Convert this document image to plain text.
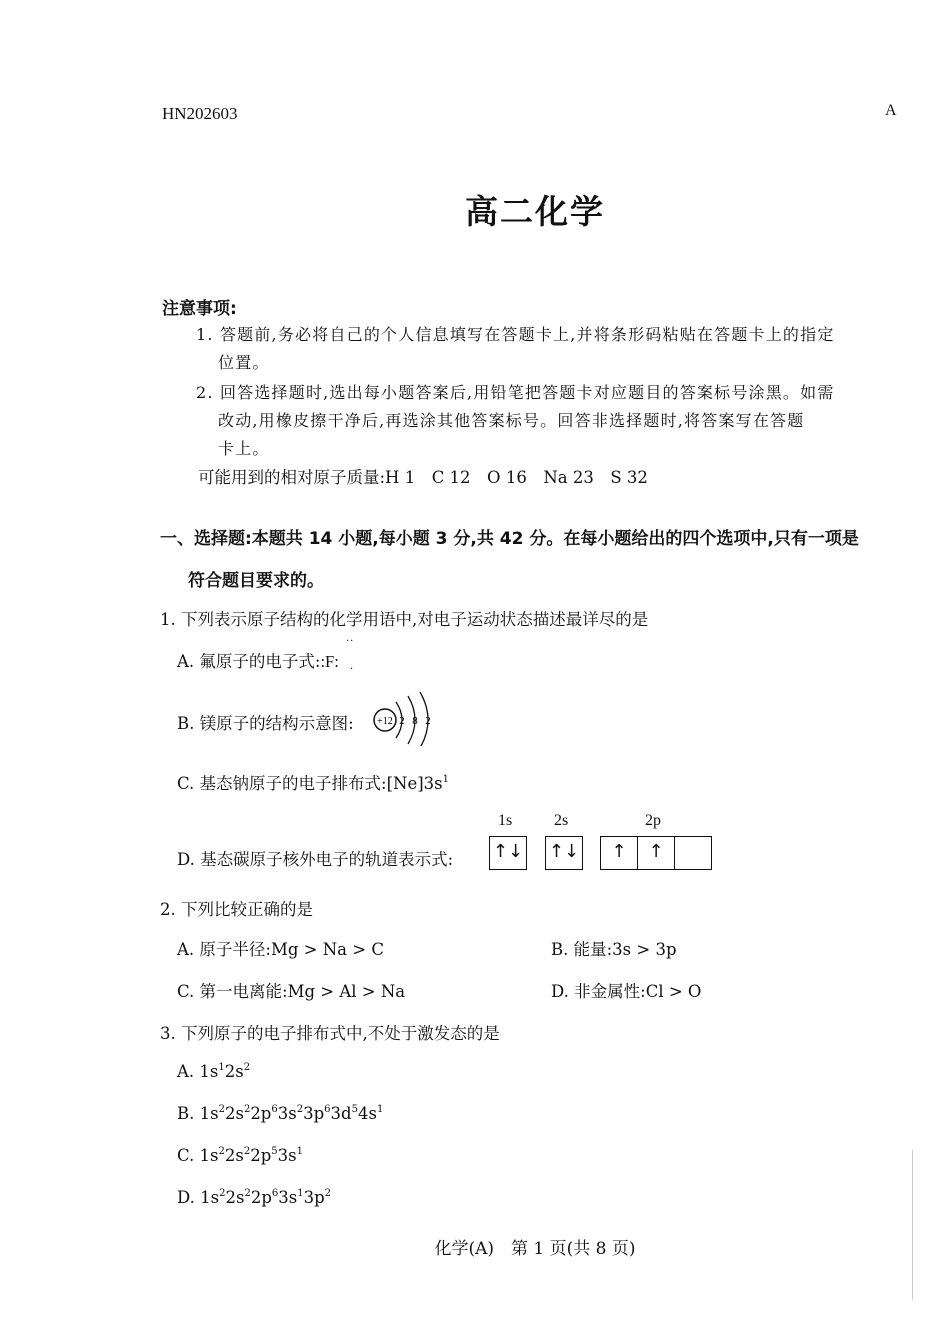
HN202603	A
高二化学
注意事项:
1. 答题前,务必将自己的个人信息填写在答题卡上,并将条形码粘贴在答题卡上的指定
位置。
2. 回答选择题时,选出每小题答案后,用铅笔把答题卡对应题目的答案标号涂黑。如需
改动,用橡皮擦干净后,再选涂其他答案标号。回答非选择题时,将答案写在答题
卡上。
可能用到的相对原子质量:H 1　C 12　O 16　Na 23　S 32
一、选择题:本题共 14 小题,每小题 3 分,共 42 分。在每小题给出的四个选项中,只有一项是
符合题目要求的。
1. 下列表示原子结构的化学用语中,对电子运动状态描述最详尽的是
A. 氟原子的电子式::F:
··
·
B. 镁原子的结构示意图: +12 2 8 2
C. 基态钠原子的电子排布式$:[Ne]3s^1$
D. 基态碳原子核外电子的轨道表示式:
1s	2s	2p
↑↓ ↑↓	↑	↑
2. 下列比较正确的是
A. 原子半径:Mg > Na > C	B. 能量:3s > 3p
C. 第一电离能:Mg > Al > Na	D. 非金属性:Cl > O
3. 下列原子的电子排布式中,不处于激发态的是
A. $1s^12s^2$
B. $1s^22s^22p^63s^23p^63d^54s^1$
C. $1s^22s^22p^53s^1$
D. $1s^22s^22p^63s^13p^2$
化学(A)　第 1 页(共 8 页)
